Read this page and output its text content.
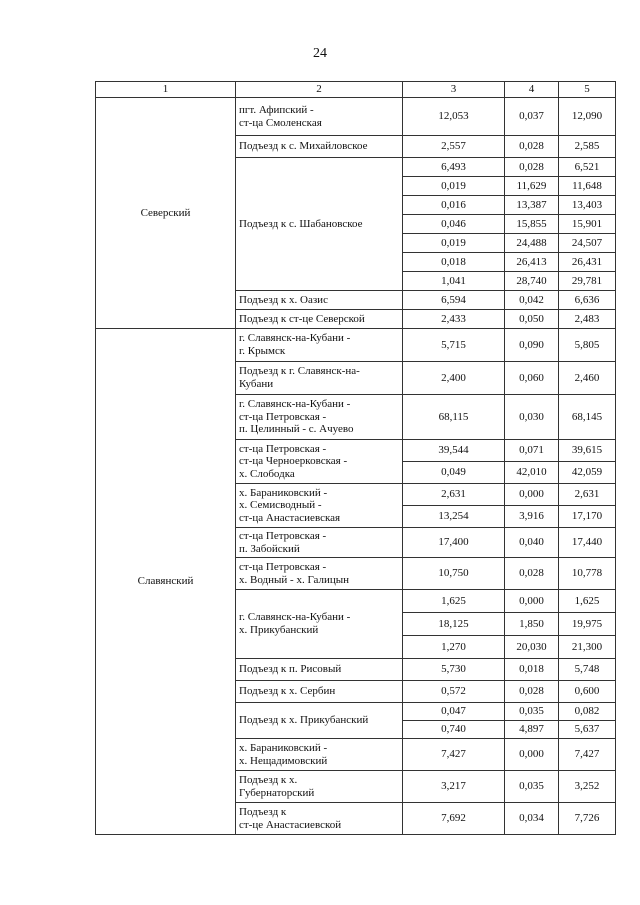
24
1	2	3	4	5
Северский	пгт. Афипский -
ст-ца Смоленская	12,053	0,037	12,090
	Подъезд к с. Михайловское	2,557	0,028	2,585
	Подъезд к с. Шабановское	6,493	0,028	6,521
		0,019	11,629	11,648
		0,016	13,387	13,403
		0,046	15,855	15,901
		0,019	24,488	24,507
		0,018	26,413	26,431
		1,041	28,740	29,781
	Подъезд к х. Оазис	6,594	0,042	6,636
	Подъезд к ст-це Северской	2,433	0,050	2,483
Славянский	г. Славянск-на-Кубани -
г. Крымск	5,715	0,090	5,805
	Подъезд к г. Славянск-на-
Кубани	2,400	0,060	2,460
	г. Славянск-на-Кубани -
ст-ца Петровская -
п. Целинный - с. Ачуево	68,115	0,030	68,145
	ст-ца Петровская -
ст-ца Черноерковская -
х. Слободка	39,544	0,071	39,615
		0,049	42,010	42,059
	х. Бараниковский -
х. Семисводный -
ст-ца Анастасиевская	2,631	0,000	2,631
		13,254	3,916	17,170
	ст-ца Петровская -
п. Забойский	17,400	0,040	17,440
	ст-ца Петровская -
х. Водный - х. Галицын	10,750	0,028	10,778
	г. Славянск-на-Кубани -
х. Прикубанский	1,625	0,000	1,625
		18,125	1,850	19,975
		1,270	20,030	21,300
	Подъезд к п. Рисовый	5,730	0,018	5,748
	Подъезд к х. Сербин	0,572	0,028	0,600
	Подъезд к х. Прикубанский	0,047	0,035	0,082
		0,740	4,897	5,637
	х. Бараниковский -
х. Нещадимовский	7,427	0,000	7,427
	Подъезд к х.
Губернаторский	3,217	0,035	3,252
	Подъезд к
ст-це Анастасиевской	7,692	0,034	7,726
